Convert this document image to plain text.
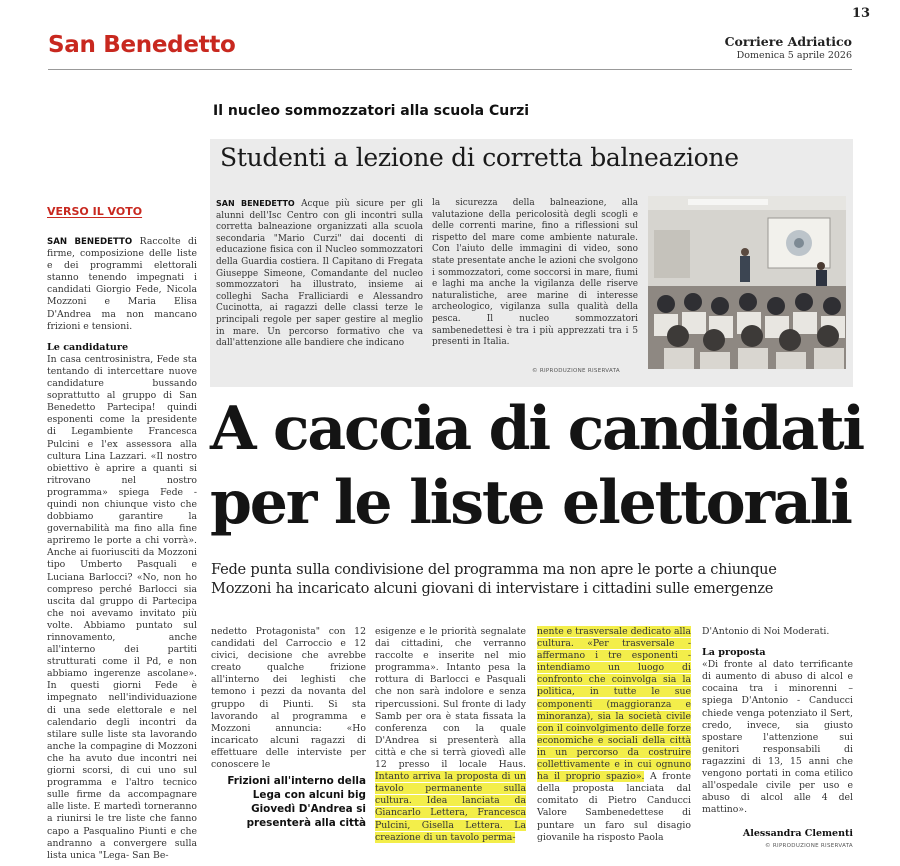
13
San Benedetto	Corriere Adriatico
Domenica 5 aprile 2026
VERSO IL VOTO
SAN BENEDETTO Raccolte di firme, composizione delle liste e dei programmi elettorali stanno tenendo impegnati i candidati Giorgio Fede, Nicola Mozzoni e Maria Elisa D'Andrea ma non mancano frizioni e tensioni.
Le candidature
In casa centrosinistra, Fede sta tentando di intercettare nuove candidature bussando soprattutto al gruppo di San Benedetto Partecipa! quindi esponenti come la presidente di Legambiente Francesca Pulcini e l'ex assessora alla cultura Lina Lazzari. «Il nostro obiettivo è aprire a quanti si ritrovano nel nostro programma» spiega Fede - quindi non chiunque visto che dobbiamo garantire la governabilità ma fino alla fine apriremo le porte a chi vorrà». Anche ai fuoriusciti da Mozzoni tipo Umberto Pasquali e Luciana Barlocci? «No, non ho compreso perché Barlocci sia uscita dal gruppo di Partecipa che noi avevamo invitato più volte. Abbiamo puntato sul rinnovamento, anche all'interno dei partiti strutturati come il Pd, e non abbiamo ingerenze ascolane». In questi giorni Fede è impegnato nell'individuazione di una sede elettorale e nel calendario degli incontri da stilare sulle liste sta lavorando anche la compagine di Mozzoni che ha avuto due incontri nei giorni scorsi, di cui uno sul programma e l'altro tecnico sulle firme da accompagnare alle liste. E martedì torneranno a riunirsi le tre liste che fanno capo a Pasqualino Piunti e che andranno a convergere sulla lista unica "Lega- San Be-
Il nucleo sommozzatori alla scuola Curzi
Studenti a lezione di corretta balneazione
SAN BENEDETTO Acque più sicure per gli alunni dell'Isc Centro con gli incontri sulla corretta balneazione organizzati alla scuola secondaria "Mario Curzi" dai docenti di educazione fisica con il Nucleo sommozzatori della Guardia costiera. Il Capitano di Fregata Giuseppe Simeone, Comandante del nucleo sommozzatori ha illustrato, insieme ai colleghi Sacha Fralliciardi e Alessandro Cucinotta, ai ragazzi delle classi terze le principali regole per saper gestire al meglio in mare. Un percorso formativo che va dall'attenzione alle bandiere che indicano
la sicurezza della balneazione, alla valutazione della pericolosità degli scogli e delle correnti marine, fino a riflessioni sul rispetto del mare come ambiente naturale. Con l'aiuto delle immagini di video, sono state presentate anche le azioni che svolgono i sommozzatori, come soccorsi in mare, fiumi e laghi ma anche la vigilanza delle riserve naturalistiche, aree marine di interesse archeologico, vigilanza sulla qualità della pesca. Il nucleo sommozzatori sambenedettesi è tra i più apprezzati tra i 5 presenti in Italia.
© RIPRODUZIONE RISERVATA
A caccia di candidati
per le liste elettorali
Fede punta sulla condivisione del programma ma non apre le porte a chiunque
Mozzoni ha incaricato alcuni giovani di intervistare i cittadini sulle emergenze
nedetto Protagonista" con 12 candidati del Carroccio e 12 civici, decisione che avrebbe creato qualche frizione all'interno dei leghisti che temono i pezzi da novanta del gruppo di Piunti. Si sta lavorando al programma e Mozzoni annuncia: «Ho incaricato alcuni ragazzi di effettuare delle interviste per conoscere le
Frizioni all'interno della Lega con alcuni big Giovedì D'Andrea si presenterà alla città
esigenze e le priorità segnalate dai cittadini, che verranno raccolte e inserite nel mio programma». Intanto pesa la rottura di Barlocci e Pasquali che non sarà indolore e senza ripercussioni. Sul fronte di lady Samb per ora è stata fissata la conferenza con la quale D'Andrea si presenterà alla città e che si terrà giovedì alle 12 presso il locale Haus. Intanto arriva la proposta di un tavolo permanente sulla cultura. Idea lanciata da Giancarlo Lettera, Francesca Pulcini, Gisella Lettera. La creazione di un tavolo perma-
nente e trasversale dedicato alla cultura. «Per trasversale - affermano i tre esponenti - intendiamo un luogo di confronto che coinvolga sia la politica, in tutte le sue componenti (maggioranza e minoranza), sia la società civile con il coinvolgimento delle forze economiche e sociali della città in un percorso da costruire collettivamente e in cui ognuno ha il proprio spazio». A fronte della proposta lanciata dal comitato di Pietro Canducci Valore Sambenedettese di puntare un faro sul disagio giovanile ha risposto Paola
D'Antonio di Noi Moderati.
La proposta
«Di fronte al dato terrificante di aumento di abuso di alcol e cocaina tra i minorenni – spiega D'Antonio - Canducci chiede venga potenziato il Sert, credo, invece, sia giusto spostare l'attenzione sui genitori responsabili di ragazzini di 13, 15 anni che vengono portati in coma etilico all'ospedale civile per uso e abuso di alcol alle 4 del mattino».
Alessandra Clementi
© RIPRODUZIONE RISERVATA
